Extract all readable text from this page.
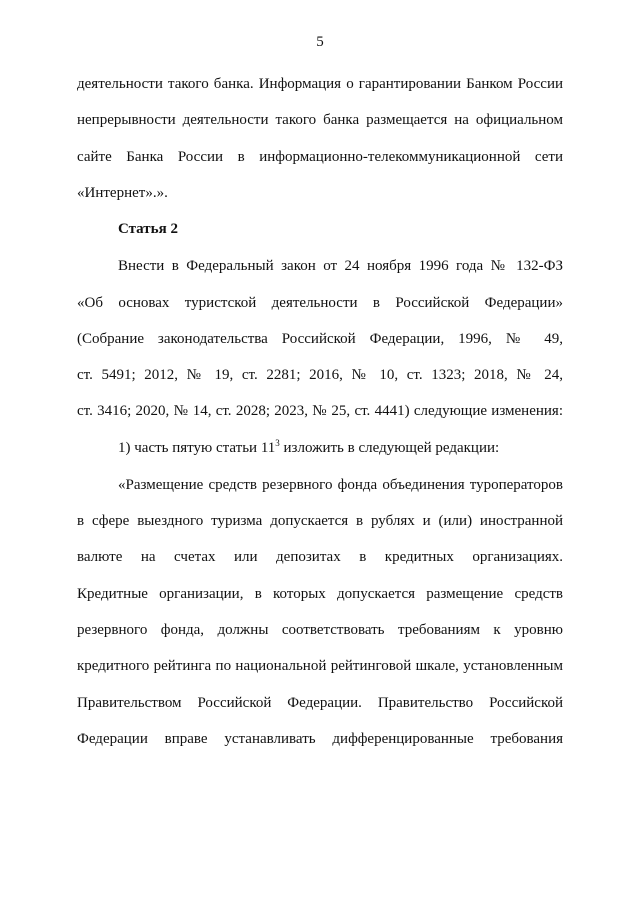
5
деятельности такого банка. Информация о гарантировании Банком России
непрерывности деятельности такого банка размещается на официальном
сайте Банка России в информационно-телекоммуникационной сети
«Интернет».».
Статья 2
Внести в Федеральный закон от 24 ноября 1996 года № 132-ФЗ
«Об основах туристской деятельности в Российской Федерации»
(Собрание законодательства Российской Федерации, 1996, № 49,
ст. 5491; 2012, № 19, ст. 2281; 2016, № 10, ст. 1323; 2018, № 24,
ст. 3416; 2020, № 14, ст. 2028; 2023, № 25, ст. 4441) следующие изменения:
1) часть пятую статьи $11^3$ изложить в следующей редакции:
«Размещение средств резервного фонда объединения туроператоров
в сфере выездного туризма допускается в рублях и (или) иностранной
валюте на счетах или депозитах в кредитных организациях.
Кредитные организации, в которых допускается размещение средств
резервного фонда, должны соответствовать требованиям к уровню
кредитного рейтинга по национальной рейтинговой шкале, установленным
Правительством Российской Федерации. Правительство Российской
Федерации вправе устанавливать дифференцированные требования
